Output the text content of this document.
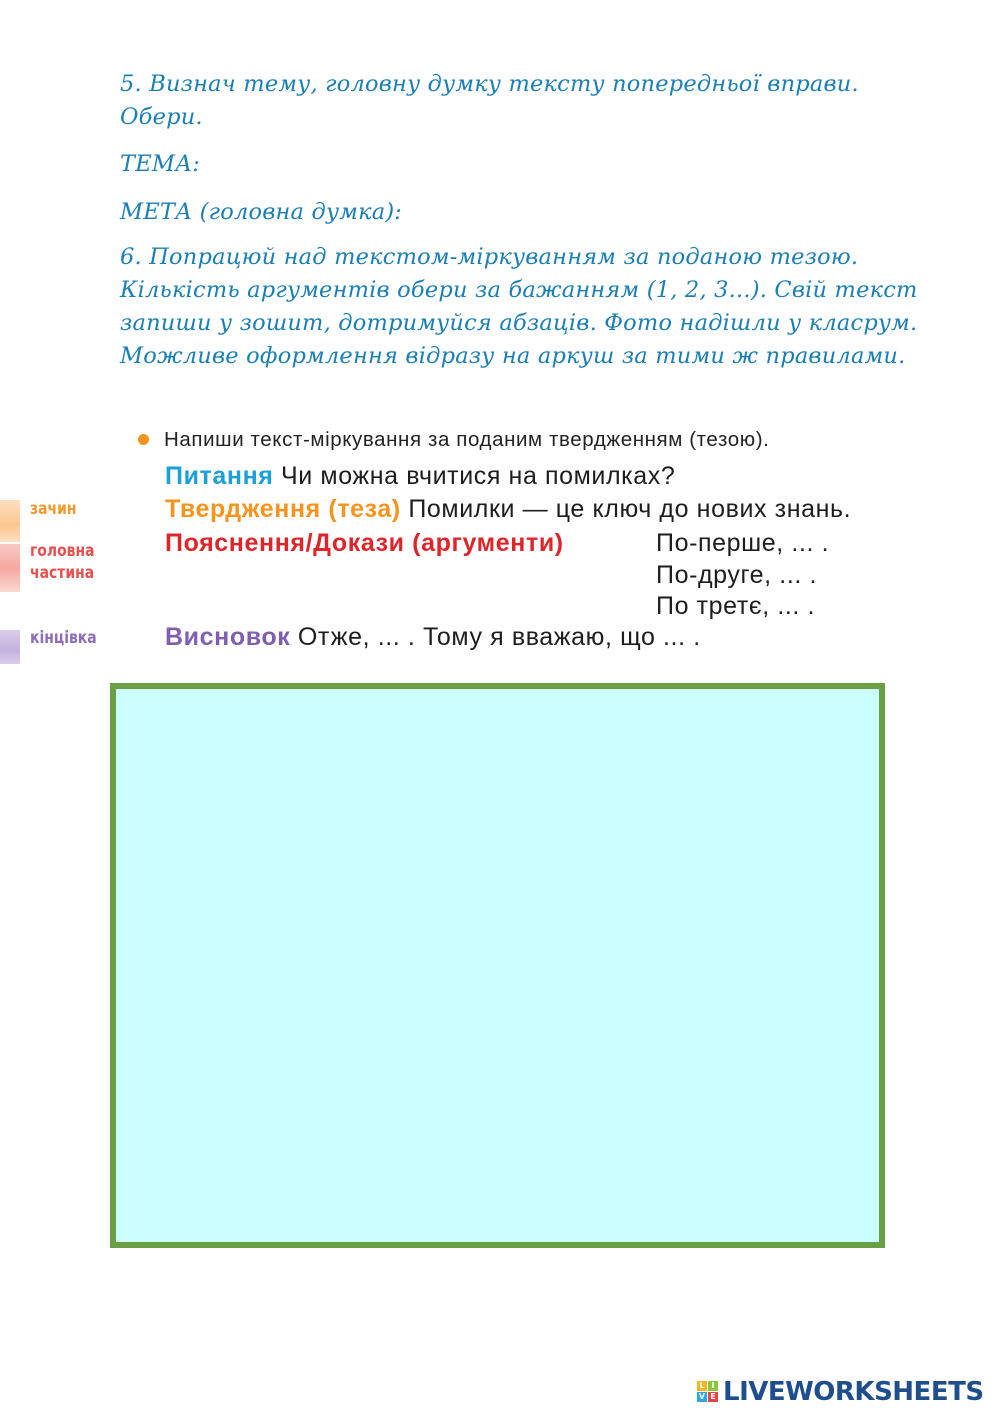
5. Визнач тему, головну думку тексту попередньої вправи. Обери.

ТЕМА:

МЕТА (головна думка):

6. Попрацюй над текстом-міркуванням за поданою тезою. Кількість аргументів обери за бажанням (1, 2, 3...). Свій текст запиши у зошит, дотримуйся абзаців. Фото надішли у класрум. Можливе оформлення відразу на аркуш за тими ж правилами.

Напиши текст-міркування за поданим твердженням (тезою).
зачин
головна частина
кінцівка
Питання Чи можна вчитися на помилках?
Твердження (теза) Помилки — це ключ до нових знань.
Пояснення/Докази (аргументи)	По-перше, ... .
По-друге, ... .
По третє, ... .
Висновок Отже, ... . Тому я вважаю, що ... .
L I
V E LIVEWORKSHEETS
